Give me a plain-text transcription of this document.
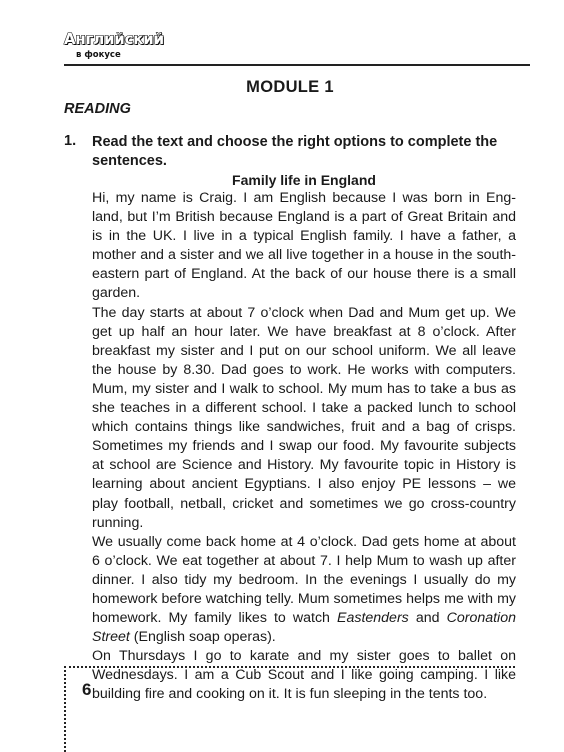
Английский
в фокусе
MODULE 1
READING
1. Read the text and choose the right options to complete the sentences.
Family life in England

Hi, my name is Craig. I am English because I was born in Eng-land, but I’m British because England is a part of Great Britain and is in the UK. I live in a typical English family. I have a father, a mother and a sister and we all live together in a house in the south-eastern part of England. At the back of our house there is a small garden.

The day starts at about 7 o’clock when Dad and Mum get up. We get up half an hour later. We have breakfast at 8 o’clock. After breakfast my sister and I put on our school uniform. We all leave the house by 8.30. Dad goes to work. He works with computers. Mum, my sister and I walk to school. My mum has to take a bus as she teaches in a different school. I take a packed lunch to school which contains things like sandwiches, fruit and a bag of crisps. Sometimes my friends and I swap our food. My favourite subjects at school are Science and History. My favourite topic in History is learning about ancient Egyptians. I also enjoy PE lessons – we play football, netball, cricket and sometimes we go cross-country running.

We usually come back home at 4 o’clock. Dad gets home at about 6 o’clock. We eat together at about 7. I help Mum to wash up after dinner. I also tidy my bedroom. In the evenings I usually do my homework before watching telly. Mum sometimes helps me with my homework. My family likes to watch Eastenders and Coronation Street (English soap operas).

On Thursdays I go to karate and my sister goes to ballet on Wednesdays. I am a Cub Scout and I like going camping. I like building fire and cooking on it. It is fun sleeping in the tents too.

6
